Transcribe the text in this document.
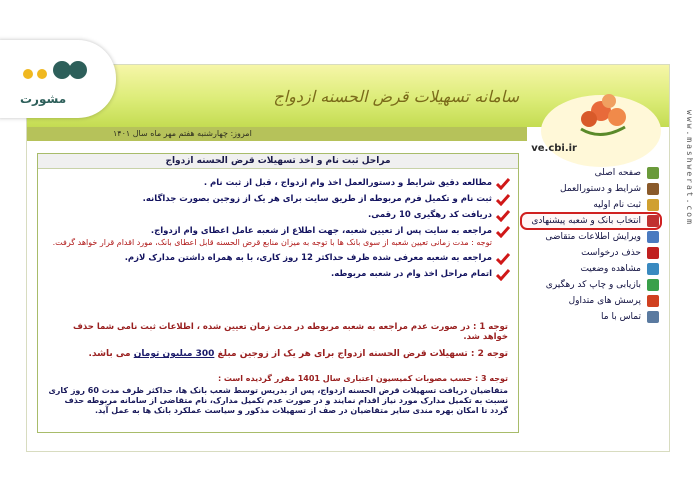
سامانه تسهیلات قرض الحسنه ازدواج
ve.cbi.ir
امروز: چهارشنبه هفتم مهر ماه سال ۱۴۰۱
مراحل ثبت نام و اخذ تسهیلات قرض الحسنه ازدواج
مطالعه دقیق شرایط و دستورالعمل اخذ وام ازدواج ، قبل از ثبت نام .
ثبت نام و تکمیل فرم مربوطه از طریق سایت برای هر یک از زوجین بصورت جداگانه.
دریافت کد رهگیری 10 رقمی.
مراجعه به سایت پس از تعیین شعبه، جهت اطلاع از شعبه عامل اعطای وام ازدواج.
توجه : مدت زمانی تعیین شعبه از سوی بانک ها با توجه به میزان منابع قرض الحسنه قابل اعطای بانک، مورد اقدام قرار خواهد گرفت.
مراجعه به شعبه معرفی شده ظرف حداکثر 12 روز کاری، با به همراه داشتن مدارک لازم.
اتمام مراحل اخذ وام در شعبه مربوطه.
توجه 1 : در صورت عدم مراجعه به شعبه مربوطه در مدت زمان تعیین شده ، اطلاعات ثبت نامی شما حذف خواهد شد.
توجه 2 : تسهیلات قرض الحسنه ازدواج برای هر یک از زوجین مبلغ 300 میلیون تومان می باشد.
توجه 3 : حسب مصوبات کمیسیون اعتباری سال 1401 مقرر گردیده است :
متقاضیان دریافت تسهیلات قرض الحسنه ازدواج، پس از بدریس توسط شعب بانک ها، حداکثر ظرف مدت 60 روز کاری نسبت به تکمیل مدارک مورد نیاز اقدام نمایند و در صورت عدم تکمیل مدارک، نام متقاضی از سامانه مربوطه حذف گردد تا امکان بهره مندی سایر متقاضیان در صف از تسهیلات مذکور و سیاست عملکرد بانک ها به عمل آید.
صفحه اصلی
شرایط و دستورالعمل
ثبت نام اولیه
انتخاب بانک و شعبه پیشنهادی
ویرایش اطلاعات متقاضی
حذف درخواست
مشاهده وضعیت
بازیابی و چاپ کد رهگیری
پرسش های متداول
تماس با ما
مشورت
www.mashwerat.com
